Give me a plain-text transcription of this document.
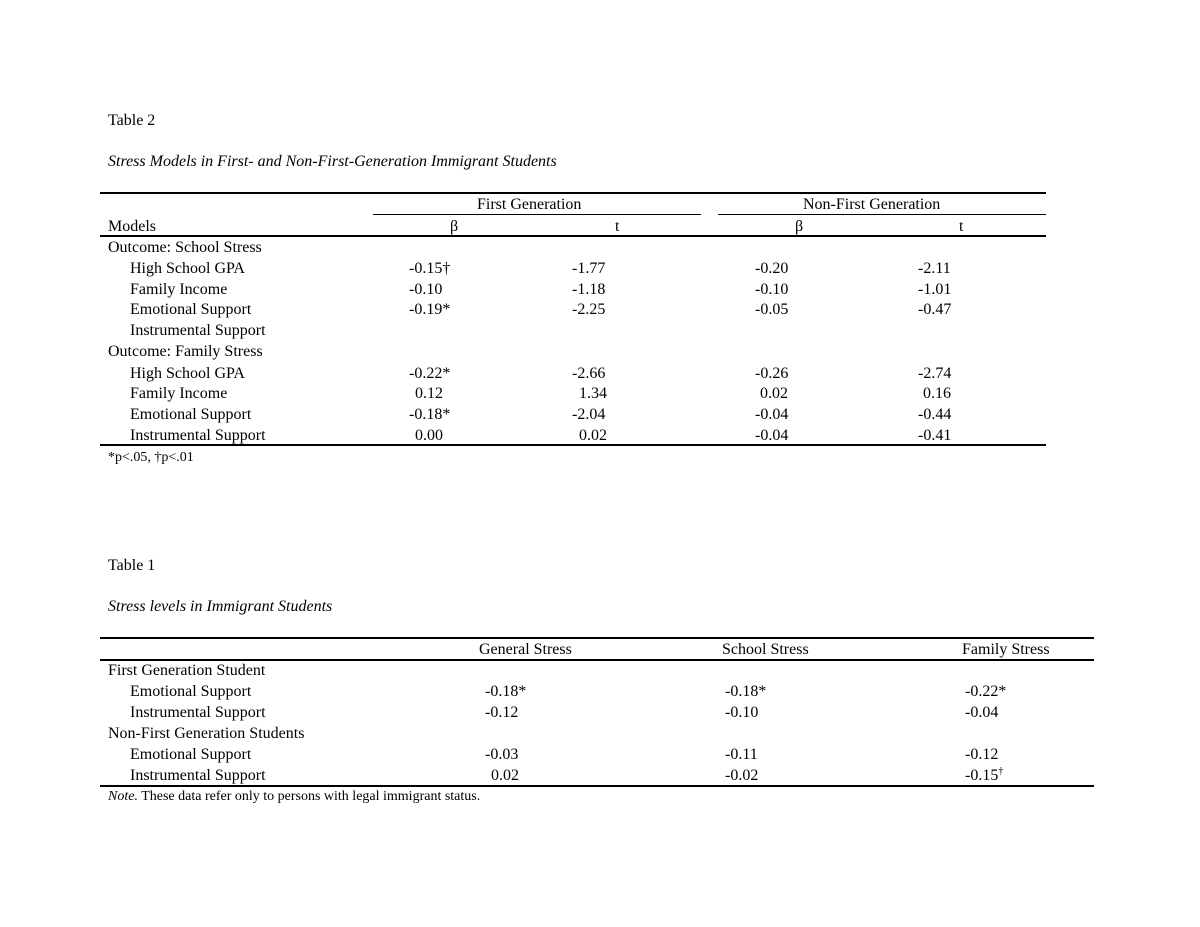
Table 2
Stress Models in First- and Non-First-Generation Immigrant Students
First Generation	Non-First Generation
Models	β	t	β	t
Outcome: School Stress
High School GPA	-0.15†	-1.77	-0.20	-2.11
Family Income	-0.10	-1.18	-0.10	-1.01
Emotional Support	-0.19*	-2.25	-0.05	-0.47
Instrumental Support
Outcome: Family Stress
High School GPA	-0.22*	-2.66	-0.26	-2.74
Family Income	0.12	1.34	0.02	0.16
Emotional Support	-0.18*	-2.04	-0.04	-0.44
Instrumental Support	0.00	0.02	-0.04	-0.41
*p<.05, †p<.01
Table 1
Stress levels in Immigrant Students
General Stress	School Stress	Family Stress
First Generation Student
Emotional Support	-0.18*	-0.18*	-0.22*
Instrumental Support	-0.12	-0.10	-0.04
Non-First Generation Students
Emotional Support	-0.03	-0.11	-0.12
Instrumental Support	0.02	-0.02	-0.15†
Note. These data refer only to persons with legal immigrant status.
